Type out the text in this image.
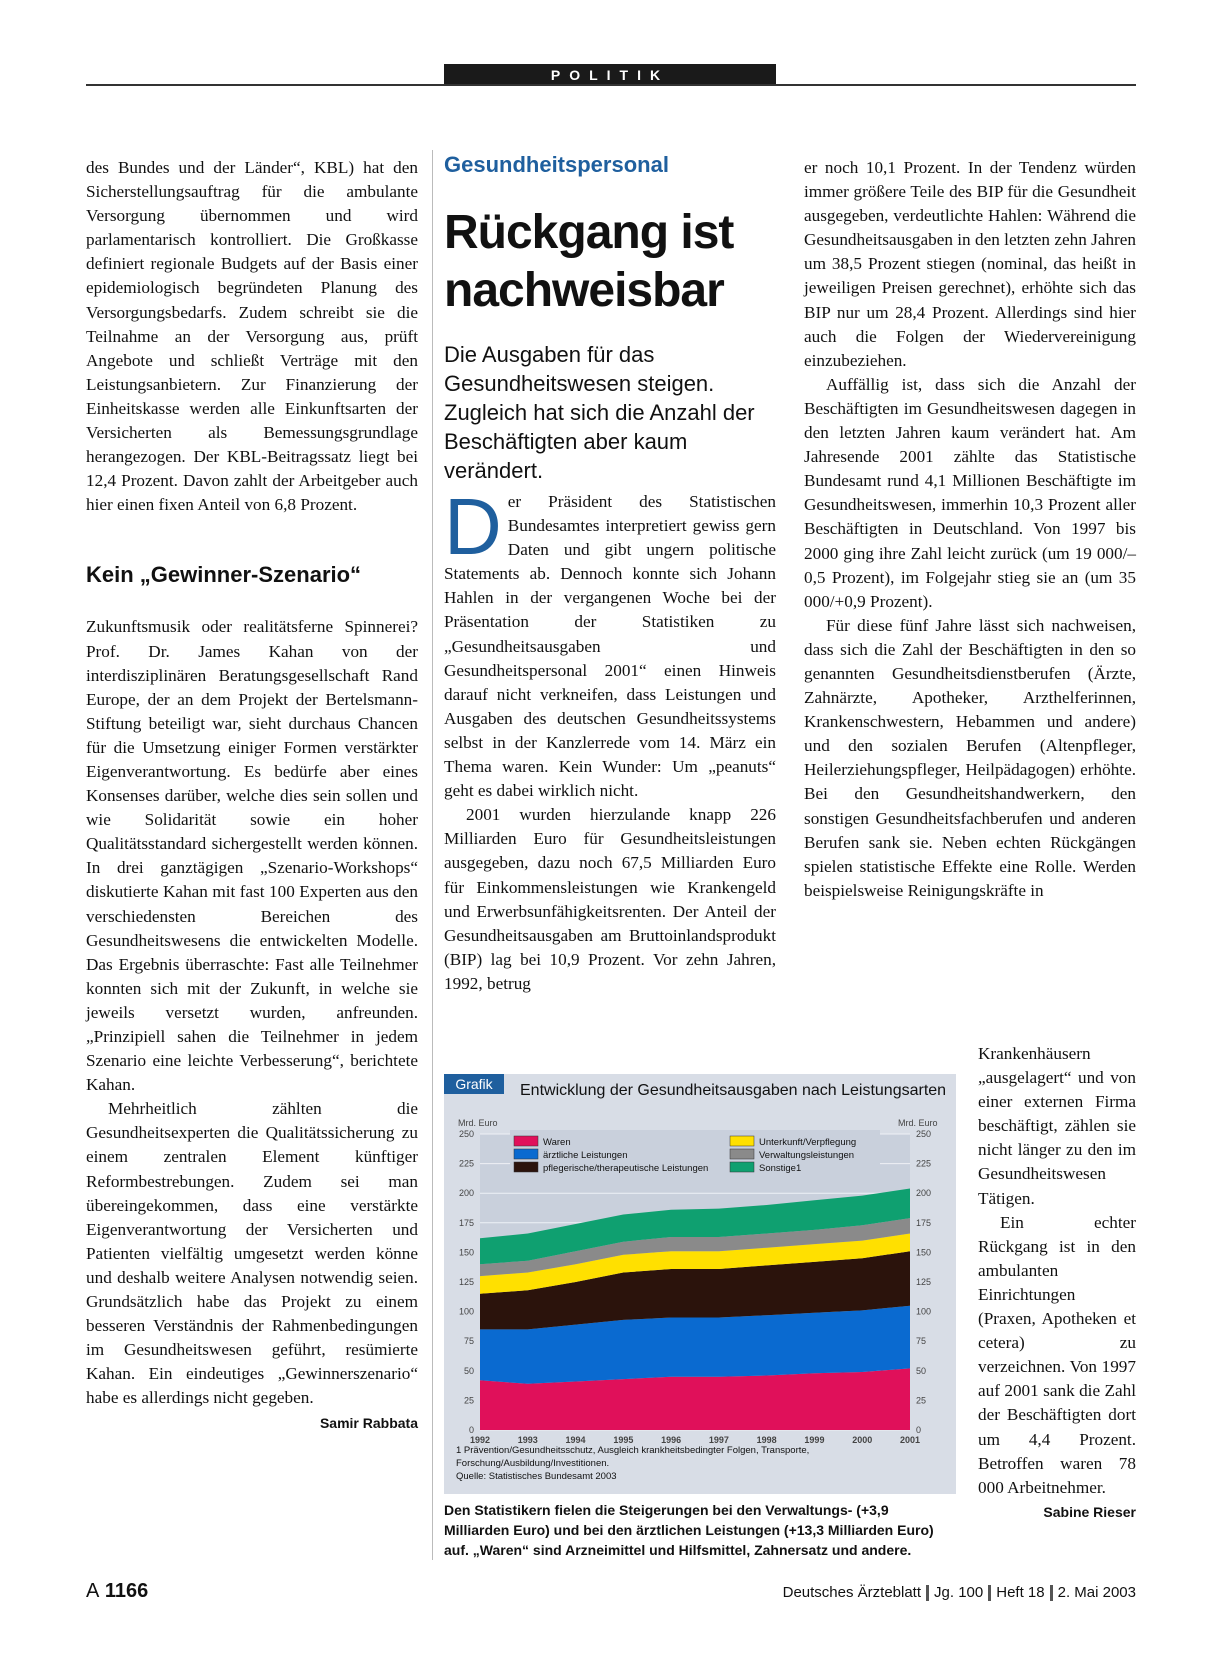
POLITIK

des Bundes und der Länder“, KBL) hat den Sicherstellungsauftrag für die ambulante Versorgung übernommen und wird parlamentarisch kontrolliert. Die Großkasse definiert regionale Budgets auf der Basis einer epidemiologisch begründeten Planung des Versorgungsbedarfs. Zudem schreibt sie die Teilnahme an der Versorgung aus, prüft Angebote und schließt Verträge mit den Leistungsanbietern. Zur Finanzierung der Einheitskasse werden alle Einkunftsarten der Versicherten als Bemessungsgrundlage herangezogen. Der KBL-Beitragssatz liegt bei 12,4 Prozent. Davon zahlt der Arbeitgeber auch hier einen fixen Anteil von 6,8 Prozent.

Kein „Gewinner-Szenario“

Zukunftsmusik oder realitätsferne Spinnerei? Prof. Dr. James Kahan von der interdisziplinären Beratungsgesellschaft Rand Europe, der an dem Projekt der Bertelsmann-Stiftung beteiligt war, sieht durchaus Chancen für die Umsetzung einiger Formen verstärkter Eigenverantwortung. Es bedürfe aber eines Konsenses darüber, welche dies sein sollen und wie Solidarität sowie ein hoher Qualitätsstandard sichergestellt werden können. In drei ganztägigen „Szenario-Workshops“ diskutierte Kahan mit fast 100 Experten aus den verschiedensten Bereichen des Gesundheitswesens die entwickelten Modelle. Das Ergebnis überraschte: Fast alle Teilnehmer konnten sich mit der Zukunft, in welche sie jeweils versetzt wurden, anfreunden. „Prinzipiell sahen die Teilnehmer in jedem Szenario eine leichte Verbesserung“, berichtete Kahan.

Mehrheitlich zählten die Gesundheitsexperten die Qualitätssicherung zu einem zentralen Element künftiger Reformbestrebungen. Zudem sei man übereingekommen, dass eine verstärkte Eigenverantwortung der Versicherten und Patienten vielfältig umgesetzt werden könne und deshalb weitere Analysen notwendig seien. Grundsätzlich habe das Projekt zu einem besseren Verständnis der Rahmenbedingungen im Gesundheitswesen geführt, resümierte Kahan. Ein eindeutiges „Gewinnerszenario“ habe es allerdings nicht gegeben.
Samir Rabbata

Gesundheitspersonal
Rückgang ist nachweisbar
Die Ausgaben für das Gesundheitswesen steigen. Zugleich hat sich die Anzahl der Beschäftigten aber kaum verändert.

Der Präsident des Statistischen Bundesamtes interpretiert gewiss gern Daten und gibt ungern politische Statements ab. Dennoch konnte sich Johann Hahlen in der vergangenen Woche bei der Präsentation der Statistiken zu „Gesundheitsausgaben und Gesundheitspersonal 2001“ einen Hinweis darauf nicht verkneifen, dass Leistungen und Ausgaben des deutschen Gesundheitssystems selbst in der Kanzlerrede vom 14. März ein Thema waren. Kein Wunder: Um „peanuts“ geht es dabei wirklich nicht.

2001 wurden hierzulande knapp 226 Milliarden Euro für Gesundheitsleistungen ausgegeben, dazu noch 67,5 Milliarden Euro für Einkommensleistungen wie Krankengeld und Erwerbsunfähigkeitsrenten. Der Anteil der Gesundheitsausgaben am Bruttoinlandsprodukt (BIP) lag bei 10,9 Prozent. Vor zehn Jahren, 1992, betrug

er noch 10,1 Prozent. In der Tendenz würden immer größere Teile des BIP für die Gesundheit ausgegeben, verdeutlichte Hahlen: Während die Gesundheitsausgaben in den letzten zehn Jahren um 38,5 Prozent stiegen (nominal, das heißt in jeweiligen Preisen gerechnet), erhöhte sich das BIP nur um 28,4 Prozent. Allerdings sind hier auch die Folgen der Wiedervereinigung einzubeziehen.

Auffällig ist, dass sich die Anzahl der Beschäftigten im Gesundheitswesen dagegen in den letzten Jahren kaum verändert hat. Am Jahresende 2001 zählte das Statistische Bundesamt rund 4,1 Millionen Beschäftigte im Gesundheitswesen, immerhin 10,3 Prozent aller Beschäftigten in Deutschland. Von 1997 bis 2000 ging ihre Zahl leicht zurück (um 19 000/–0,5 Prozent), im Folgejahr stieg sie an (um 35 000/+0,9 Prozent).

Für diese fünf Jahre lässt sich nachweisen, dass sich die Zahl der Beschäftigten in den so genannten Gesundheitsdienstberufen (Ärzte, Zahnärzte, Apotheker, Arzthelferinnen, Krankenschwestern, Hebammen und andere) und den sozialen Berufen (Altenpfleger, Heilerziehungspfleger, Heilpädagogen) erhöhte. Bei den Gesundheitshandwerkern, den sonstigen Gesundheitsfachberufen und anderen Berufen sank sie. Neben echten Rückgängen spielen statistische Effekte eine Rolle. Werden beispielsweise Reinigungskräfte in

Krankenhäusern „ausgelagert“ und von einer externen Firma beschäftigt, zählen sie nicht länger zu den im Gesundheitswesen Tätigen.

Ein echter Rückgang ist in den ambulanten Einrichtungen (Praxen, Apotheken et cetera) zu verzeichnen. Von 1997 auf 2001 sank die Zahl der Beschäftigten dort um 4,4 Prozent. Betroffen waren 78 000 Arbeitnehmer.
Sabine Rieser

Grafik	Entwicklung der Gesundheitsausgaben nach Leistungsarten
0	0
25	25
50	50
75	75
100	100
125	125
150	150
175	175
200	200
225	225
250	250
Mrd. Euro	Mrd. Euro
1992	1993	1994	1995	1996	1997	1998	1999	2000	2001
Waren
ärztliche Leistungen
pflegerische/therapeutische Leistungen
Unterkunft/Verpflegung
Verwaltungsleistungen
Sonstige1
1 Prävention/Gesundheitsschutz, Ausgleich krankheitsbedingter Folgen, Transporte, Forschung/Ausbildung/Investitionen.
Quelle: Statistisches Bundesamt 2003
Den Statistikern fielen die Steigerungen bei den Verwaltungs- (+3,9 Milliarden Euro) und bei den ärztlichen Leistungen (+13,3 Milliarden Euro) auf. „Waren“ sind Arzneimittel und Hilfsmittel, Zahnersatz und andere.
A 1166	Deutsches Ärzteblatt Jg. 100 Heft 18 2. Mai 2003
